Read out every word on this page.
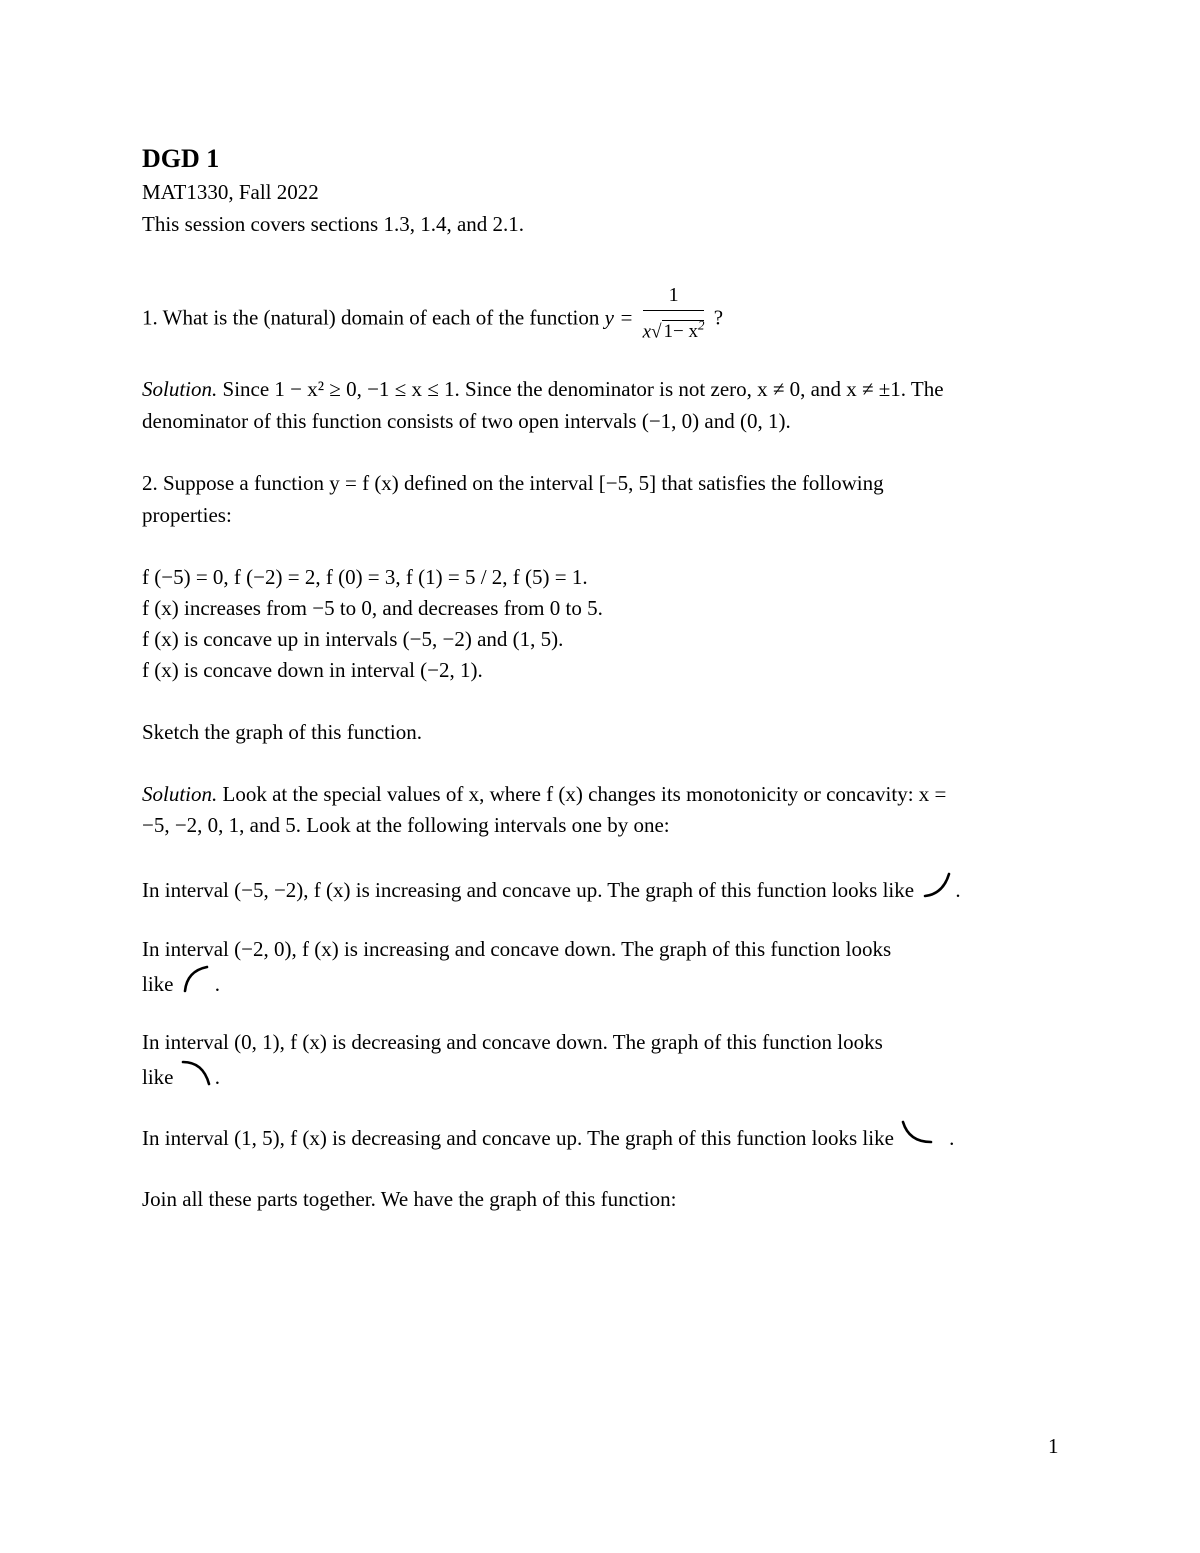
DGD 1
MAT1330, Fall 2022
This session covers sections 1.3, 1.4, and 2.1.
1. What is the (natural) domain of each of the function $y = \frac{1}{x√ 1- x^2}$ ?
Solution. Since 1 − x² ≥ 0, −1 ≤ x ≤ 1. Since the denominator is not zero, x ≠ 0, and x ≠ ±1. The
denominator of this function consists of two open intervals (−1, 0) and (0, 1).
2. Suppose a function y = f (x) defined on the interval [−5, 5] that satisfies the following
properties:
f (−5) = 0, f (−2) = 2, f (0) = 3, f (1) = 5 / 2, f (5) = 1.
f (x) increases from −5 to 0, and decreases from 0 to 5.
f (x) is concave up in intervals (−5, −2) and (1, 5).
f (x) is concave down in interval (−2, 1).
Sketch the graph of this function.
Solution. Look at the special values of x, where f (x) changes its monotonicity or concavity: x =
−5, −2, 0, 1, and 5. Look at the following intervals one by one:
In interval (−5, −2), f (x) is increasing and concave up. The graph of this function looks like .
In interval (−2, 0), f (x) is increasing and concave down. The graph of this function looks
like .
In interval (0, 1), f (x) is decreasing and concave down. The graph of this function looks
like .
In interval (1, 5), f (x) is decreasing and concave up. The graph of this function looks like .
Join all these parts together. We have the graph of this function:
1
